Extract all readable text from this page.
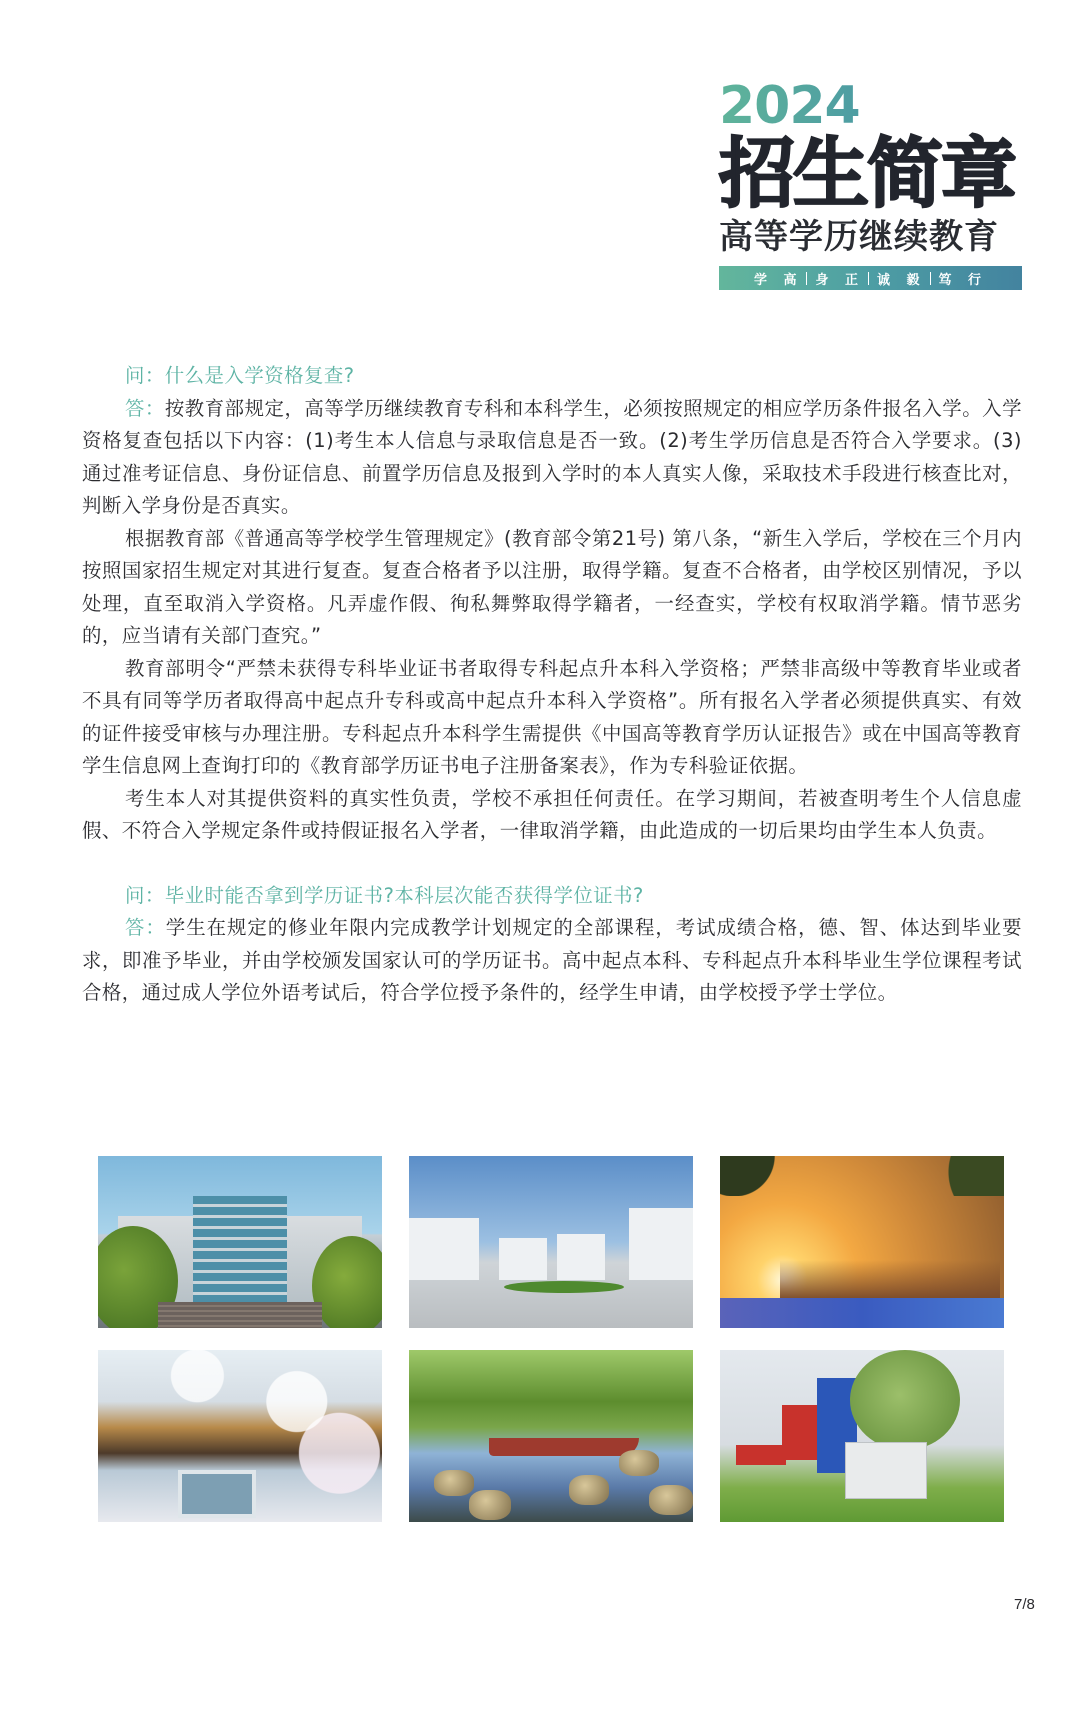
2024
招生简章
高等学历继续教育
学 高 身 正 诚 毅 笃 行

问：什么是入学资格复查?

答：按教育部规定，高等学历继续教育专科和本科学生，必须按照规定的相应学历条件报名入学。入学资格复查包括以下内容：(1)考生本人信息与录取信息是否一致。(2)考生学历信息是否符合入学要求。(3)通过准考证信息、身份证信息、前置学历信息及报到入学时的本人真实人像，采取技术手段进行核查比对，判断入学身份是否真实。

根据教育部《普通高等学校学生管理规定》(教育部令第21号) 第八条，“新生入学后，学校在三个月内按照国家招生规定对其进行复查。复查合格者予以注册，取得学籍。复查不合格者，由学校区别情况，予以处理，直至取消入学资格。凡弄虚作假、徇私舞弊取得学籍者，一经查实，学校有权取消学籍。情节恶劣的，应当请有关部门查究。”

教育部明令“严禁未获得专科毕业证书者取得专科起点升本科入学资格；严禁非高级中等教育毕业或者不具有同等学历者取得高中起点升专科或高中起点升本科入学资格”。所有报名入学者必须提供真实、有效的证件接受审核与办理注册。专科起点升本科学生需提供《中国高等教育学历认证报告》或在中国高等教育学生信息网上查询打印的《教育部学历证书电子注册备案表》，作为专科验证依据。

考生本人对其提供资料的真实性负责，学校不承担任何责任。在学习期间，若被查明考生个人信息虚假、不符合入学规定条件或持假证报名入学者，一律取消学籍，由此造成的一切后果均由学生本人负责。

问：毕业时能否拿到学历证书?本科层次能否获得学位证书?

答：学生在规定的修业年限内完成教学计划规定的全部课程，考试成绩合格，德、智、体达到毕业要求，即准予毕业，并由学校颁发国家认可的学历证书。高中起点本科、专科起点升本科毕业生学位课程考试合格，通过成人学位外语考试后，符合学位授予条件的，经学生申请，由学校授予学士学位。

7/8
